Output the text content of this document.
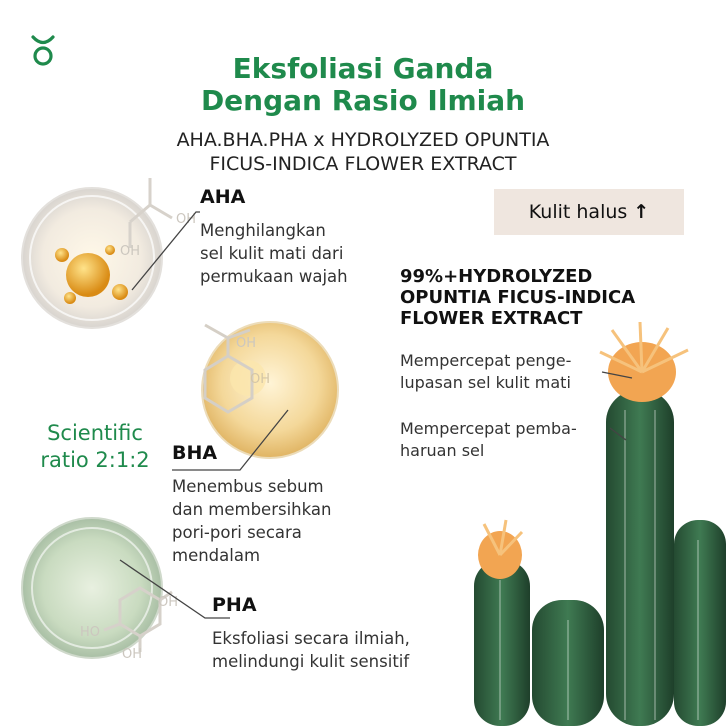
OH
OH
OH
OH
OH
OH
HO
Eksfoliasi Ganda
Dengan Rasio Ilmiah
AHA.BHA.PHA x HYDROLYZED OPUNTIA
FICUS-INDICA FLOWER EXTRACT
AHA
Menghilangkan
sel kulit mati dari
permukaan wajah
BHA
Menembus sebum
dan membersihkan
pori-pori secara
mendalam
Scientific
ratio 2:1:2
PHA
Eksfoliasi secara ilmiah,
melindungi kulit sensitif
Kulit halus ↑
99%+HYDROLYZED
OPUNTIA FICUS-INDICA
FLOWER EXTRACT
Mempercepat penge-
lupasan sel kulit mati
Mempercepat pemba-
haruan sel
